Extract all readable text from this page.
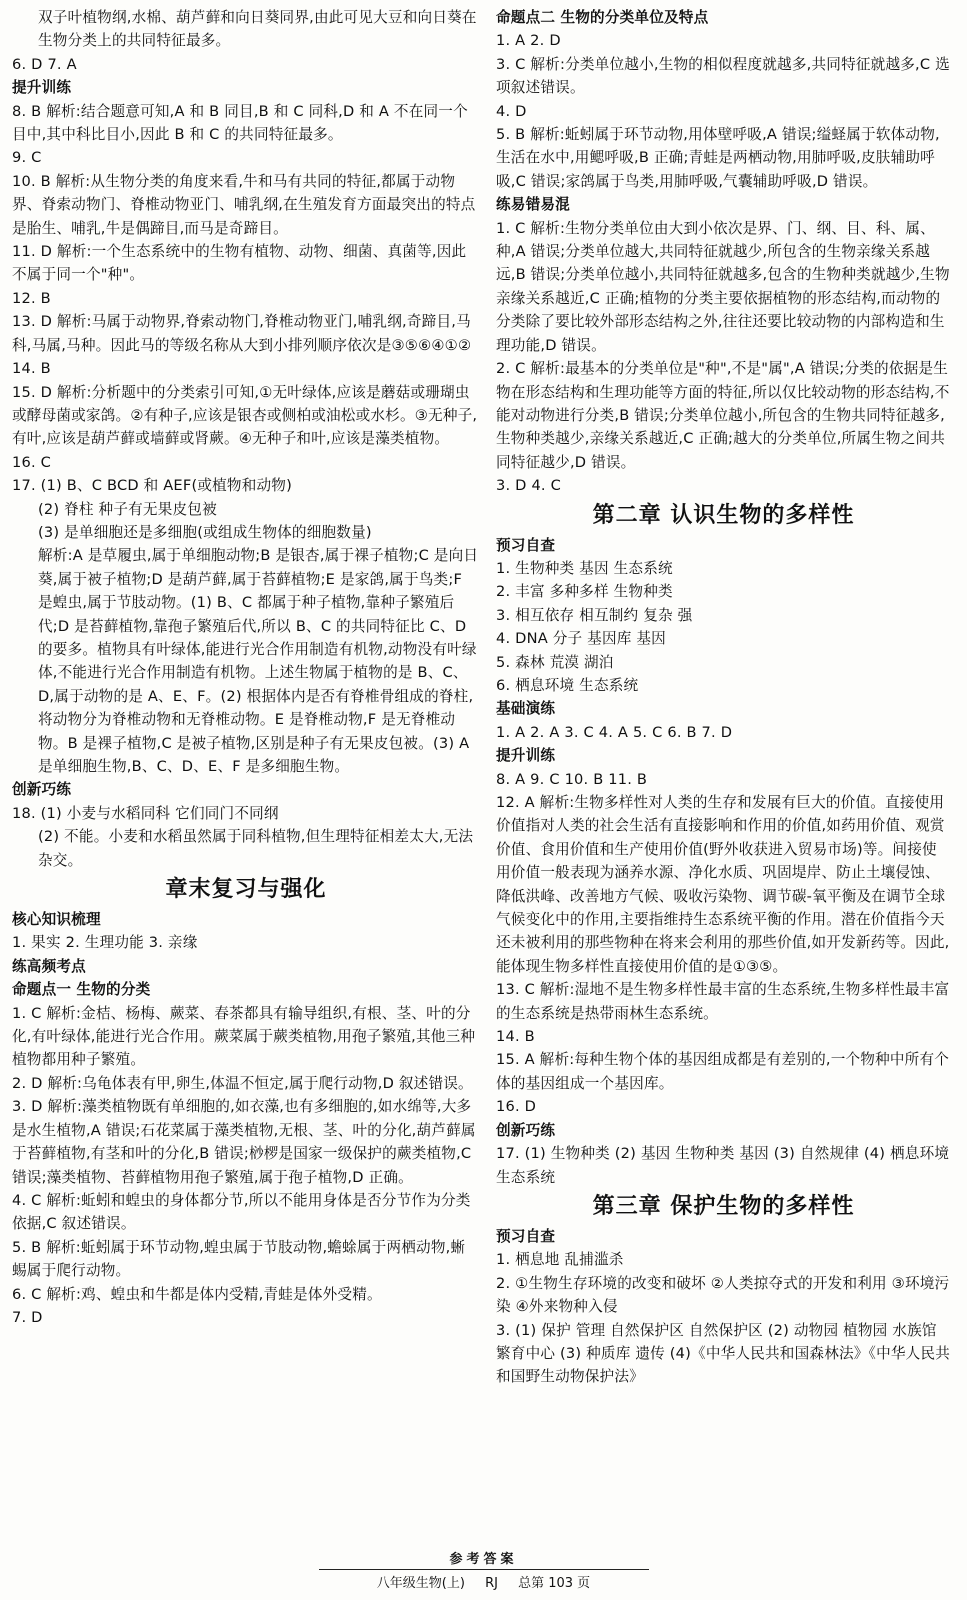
双子叶植物纲,水棉、葫芦藓和向日葵同界,由此可见大豆和向日葵在生物分类上的共同特征最多。
6. D 7. A
提升训练
8. B 解析:结合题意可知,A 和 B 同目,B 和 C 同科,D 和 A 不在同一个目中,其中科比目小,因此 B 和 C 的共同特征最多。
9. C
10. B 解析:从生物分类的角度来看,牛和马有共同的特征,都属于动物界、脊索动物门、脊椎动物亚门、哺乳纲,在生殖发育方面最突出的特点是胎生、哺乳,牛是偶蹄目,而马是奇蹄目。
11. D 解析:一个生态系统中的生物有植物、动物、细菌、真菌等,因此不属于同一个"种"。
12. B
13. D 解析:马属于动物界,脊索动物门,脊椎动物亚门,哺乳纲,奇蹄目,马科,马属,马种。因此马的等级名称从大到小排列顺序依次是③⑤⑥④①②
14. B
15. D 解析:分析题中的分类索引可知,①无叶绿体,应该是蘑菇或珊瑚虫或酵母菌或家鸽。②有种子,应该是银杏或侧柏或油松或水杉。③无种子,有叶,应该是葫芦藓或墙藓或肾蕨。④无种子和叶,应该是藻类植物。
16. C
17. (1) B、C BCD 和 AEF(或植物和动物)
(2) 脊柱 种子有无果皮包被
(3) 是单细胞还是多细胞(或组成生物体的细胞数量)
解析:A 是草履虫,属于单细胞动物;B 是银杏,属于裸子植物;C 是向日葵,属于被子植物;D 是葫芦藓,属于苔藓植物;E 是家鸽,属于鸟类;F 是蝗虫,属于节肢动物。(1) B、C 都属于种子植物,靠种子繁殖后代;D 是苔藓植物,靠孢子繁殖后代,所以 B、C 的共同特征比 C、D 的要多。植物具有叶绿体,能进行光合作用制造有机物,动物没有叶绿体,不能进行光合作用制造有机物。上述生物属于植物的是 B、C、D,属于动物的是 A、E、F。(2) 根据体内是否有脊椎骨组成的脊柱,将动物分为脊椎动物和无脊椎动物。E 是脊椎动物,F 是无脊椎动物。B 是裸子植物,C 是被子植物,区别是种子有无果皮包被。(3) A 是单细胞生物,B、C、D、E、F 是多细胞生物。
创新巧练
18. (1) 小麦与水稻同科 它们同门不同纲
(2) 不能。小麦和水稻虽然属于同科植物,但生理特征相差太大,无法杂交。
章末复习与强化
核心知识梳理
1. 果实 2. 生理功能 3. 亲缘
练高频考点
命题点一 生物的分类
1. C 解析:金桔、杨梅、蕨菜、春茶都具有输导组织,有根、茎、叶的分化,有叶绿体,能进行光合作用。蕨菜属于蕨类植物,用孢子繁殖,其他三种植物都用种子繁殖。
2. D 解析:乌龟体表有甲,卵生,体温不恒定,属于爬行动物,D 叙述错误。
3. D 解析:藻类植物既有单细胞的,如衣藻,也有多细胞的,如水绵等,大多是水生植物,A 错误;石花菜属于藻类植物,无根、茎、叶的分化,葫芦藓属于苔藓植物,有茎和叶的分化,B 错误;桫椤是国家一级保护的蕨类植物,C 错误;藻类植物、苔藓植物用孢子繁殖,属于孢子植物,D 正确。
4. C 解析:蚯蚓和蝗虫的身体都分节,所以不能用身体是否分节作为分类依据,C 叙述错误。
5. B 解析:蚯蚓属于环节动物,蝗虫属于节肢动物,蟾蜍属于两栖动物,蜥蜴属于爬行动物。
6. C 解析:鸡、蝗虫和牛都是体内受精,青蛙是体外受精。
7. D
命题点二 生物的分类单位及特点
1. A 2. D
3. C 解析:分类单位越小,生物的相似程度就越多,共同特征就越多,C 选项叙述错误。
4. D
5. B 解析:蚯蚓属于环节动物,用体壁呼吸,A 错误;缢蛏属于软体动物,生活在水中,用鳃呼吸,B 正确;青蛙是两栖动物,用肺呼吸,皮肤辅助呼吸,C 错误;家鸽属于鸟类,用肺呼吸,气囊辅助呼吸,D 错误。
练易错易混
1. C 解析:生物分类单位由大到小依次是界、门、纲、目、科、属、种,A 错误;分类单位越大,共同特征就越少,所包含的生物亲缘关系越远,B 错误;分类单位越小,共同特征就越多,包含的生物种类就越少,生物亲缘关系越近,C 正确;植物的分类主要依据植物的形态结构,而动物的分类除了要比较外部形态结构之外,往往还要比较动物的内部构造和生理功能,D 错误。
2. C 解析:最基本的分类单位是"种",不是"属",A 错误;分类的依据是生物在形态结构和生理功能等方面的特征,所以仅比较动物的形态结构,不能对动物进行分类,B 错误;分类单位越小,所包含的生物共同特征越多,生物种类越少,亲缘关系越近,C 正确;越大的分类单位,所属生物之间共同特征越少,D 错误。
3. D 4. C
第二章 认识生物的多样性
预习自查
1. 生物种类 基因 生态系统
2. 丰富 多种多样 生物种类
3. 相互依存 相互制约 复杂 强
4. DNA 分子 基因库 基因
5. 森林 荒漠 湖泊
6. 栖息环境 生态系统
基础演练
1. A 2. A 3. C 4. A 5. C 6. B 7. D
提升训练
8. A 9. C 10. B 11. B
12. A 解析:生物多样性对人类的生存和发展有巨大的价值。直接使用价值指对人类的社会生活有直接影响和作用的价值,如药用价值、观赏价值、食用价值和生产使用价值(野外收获进入贸易市场)等。间接使用价值一般表现为涵养水源、净化水质、巩固堤岸、防止土壤侵蚀、降低洪峰、改善地方气候、吸收污染物、调节碳-氧平衡及在调节全球气候变化中的作用,主要指维持生态系统平衡的作用。潜在价值指今天还未被利用的那些物种在将来会利用的那些价值,如开发新药等。因此,能体现生物多样性直接使用价值的是①③⑤。
13. C 解析:湿地不是生物多样性最丰富的生态系统,生物多样性最丰富的生态系统是热带雨林生态系统。
14. B
15. A 解析:每种生物个体的基因组成都是有差别的,一个物种中所有个体的基因组成一个基因库。
16. D
创新巧练
17. (1) 生物种类 (2) 基因 生物种类 基因 (3) 自然规律 (4) 栖息环境 生态系统
第三章 保护生物的多样性
预习自查
1. 栖息地 乱捕滥杀
2. ①生物生存环境的改变和破坏 ②人类掠夺式的开发和利用 ③环境污染 ④外来物种入侵
3. (1) 保护 管理 自然保护区 自然保护区 (2) 动物园 植物园 水族馆 繁育中心 (3) 种质库 遗传 (4)《中华人民共和国森林法》《中华人民共和国野生动物保护法》
参考答案
八年级生物(上) RJ 总第 103 页
